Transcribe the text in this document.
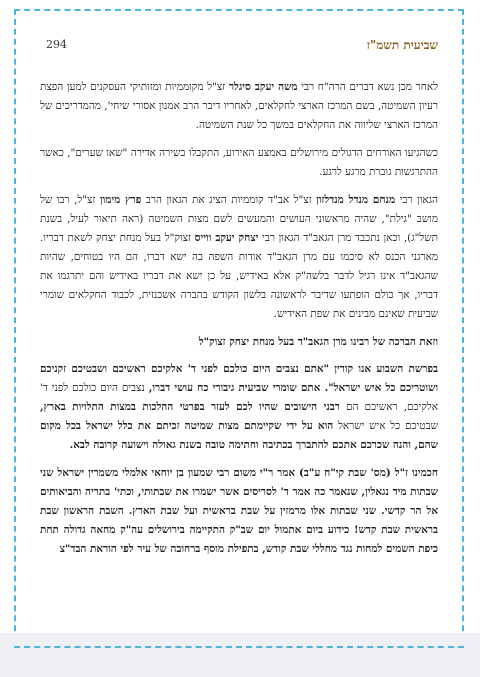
שביעית תשמ"ז
294

לאחר מכן נשא דברים הרה"ח רבי משה יעקב סיגלר זצ"ל מקוממיות ומזותיקי העסקנים למען הפצת רעיון השמיטה, בשם המרכז הארצי לחקלאים, לאחריו דיבר הרב אמנון אסורי שיחי', מהמדריכים של המרכז הארצי שליווה את החקלאים במשך כל שנת השמיטה.

כשהגיעו האורחים הדגולים מירושלים באמצע האירוע, התקבלו בשירה אדירה "שאו שערים", כאשר ההתרגשות גוברת מרגע לרגע.

הגאון רבי מנחם מנדל מנדלזון זצ"ל אב"ד קוממיות הציג את הגאון הרב פרץ מימון זצ"ל, רבו של מושב "גילת", שהיה מראשוני העושים והמעשים לשם מצות השמיטה (ראה תיאור לעיל, בשנת תשל"ג), וכאן נתכבד מרן הגאב"ד הגאון רבי יצחק יעקב ווייס זצוק"ל בעל מנחת יצחק לשאת דבריו. מארגני הכנס לא סיכמו עם מרן הגאב"ד אודות השפה בה ישא דברו, הם היו בטוחים, שהיות שהגאב"ד אינו רגיל לדבר בלשה"ק אלא באידיש, על כן ישא את דבריו באידיש והם יתרגמו את דבריו, אך כולם הופתעו שדיבר לראשונה בלשון הקודש בהברה אשכנזית, לכבוד החקלאים שומרי שביעית שאינם מבינים את שפת האידיש.

וזאת הברכה של רבינו מרן הגאב"ד בעל מנחת יצחק זצוק"ל

בפרשת השבוע אנו קורין "אתם נצבים היום כולכם לפני ד' אלקיכם ראשיכם ושבטיכם זקניכם ושוטריכם כל איש ישראל". אתם שומרי שביעית גיבורי כח עושי דברו, נצבים היום כולכם לפני ד' אלקיכם, ראשיכם הם רבני הישובים שהיו לכם לעזר בפרטי ההלכות במצות התלויות בארץ, שבטיכם כל איש ישראל הוא על ידי שקיימתם מצות שמיטה זכיתם את כלל ישראל בכל מקום שהם, והנה שכרכם אתכם להתברך בכתיבה וחתימה טובה בשנת גאולה וישועה קרובה לבא.

חכמינו ז"ל (מס' שבת קי"ח ע"ב) אמר ר"י משום רבי שמעון בן יוחאי אלמלי משמרין ישראל שני שבתות מיד נגאלין, שנאמר כה אמר ד' לסריסים אשר ישמרו את שבתותי, וכתי' בתריה והביאותים אל הר קדשי. שני שבתות אלו מרמזין על שבת בראשית ועל שבת הארץ. השבת הראשון שבת בראשית שבת קדש! כידוע ביום אתמול יום שב"ק התקיימה בירושלים עה"ק מחאה גדולה תחת כיפת השמים למחות נגד מחללי שבת קודש, בתפילת מוסף ברחובה של עיר לפי הוראת הבד"צ
